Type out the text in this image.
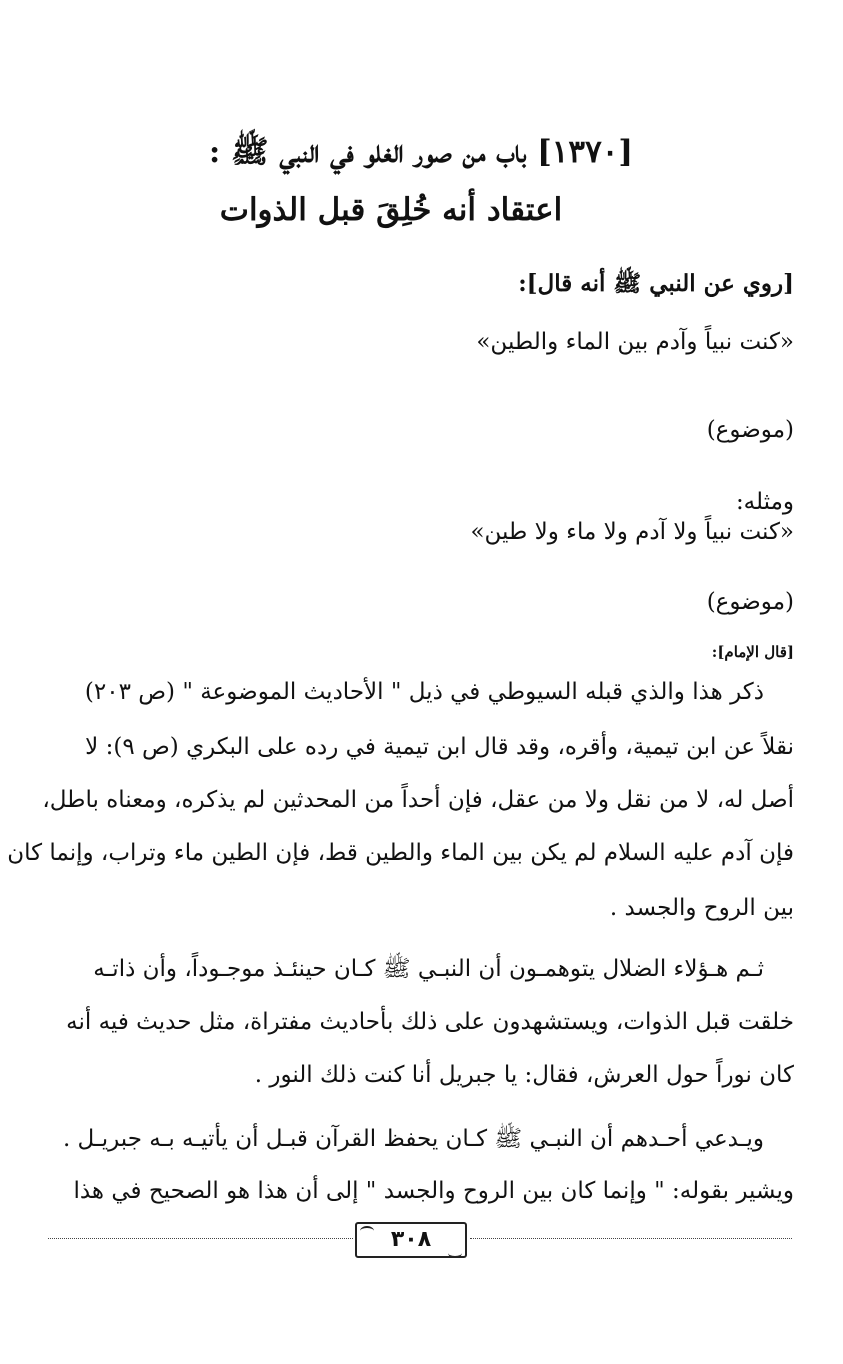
[١٣٧٠] باب من صور الغلو في النبي ﷺ :
اعتقاد أنه خُلِقَ قبل الذوات
[روي عن النبي ﷺ أنه قال]:
«كنت نبياً وآدم بين الماء والطين»
(موضوع)
ومثله:
«كنت نبياً ولا آدم ولا ماء ولا طين»
(موضوع)
[قال الإمام]:
ذكر هذا والذي قبله السيوطي في ذيل " الأحاديث الموضوعة " (ص ٢٠٣)
نقلاً عن ابن تيمية، وأقره، وقد قال ابن تيمية في رده على البكري (ص ٩): لا
أصل له، لا من نقل ولا من عقل، فإن أحداً من المحدثين لم يذكره، ومعناه باطل،
فإن آدم عليه السلام لم يكن بين الماء والطين قط، فإن الطين ماء وتراب، وإنما كان
بين الروح والجسد .
ثـم هـؤلاء الضلال يتوهمـون أن النبـي ﷺ كـان حينئـذ موجـوداً، وأن ذاتـه
خلقت قبل الذوات، ويستشهدون على ذلك بأحاديث مفتراة، مثل حديث فيه أنه
كان نوراً حول العرش، فقال: يا جبريل أنا كنت ذلك النور .
ويـدعي أحـدهم أن النبـي ﷺ كـان يحفظ القرآن قبـل أن يأتيـه بـه جبريـل .
ويشير بقوله: " وإنما كان بين الروح والجسد " إلى أن هذا هو الصحيح في هذا
٣٠٨
